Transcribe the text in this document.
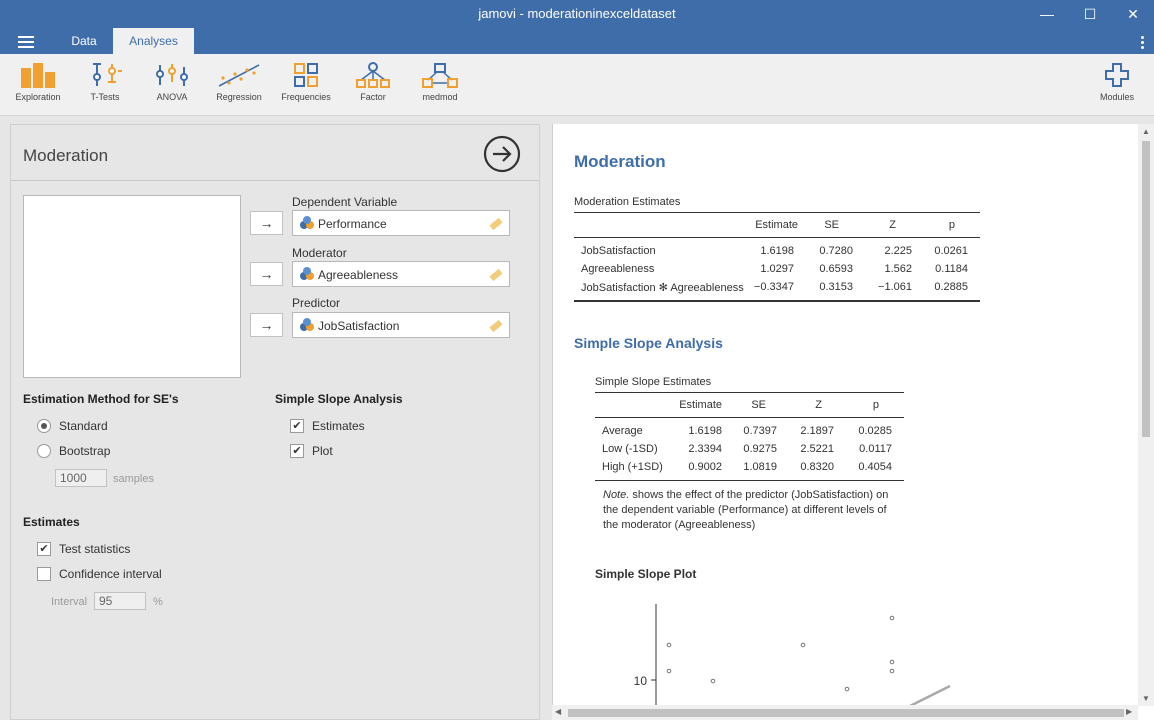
jamovi - moderationinexceldataset	—	☐	✕
Data	Analyses
Exploration	T-Tests	ANOVA	Regression	Frequencies	Factor	medmod	Modules
Moderation
→
Dependent Variable
Performance
→
Moderator
Agreeableness
→
Predictor
JobSatisfaction
Estimation Method for SE's
Standard
Bootstrap
1000	samples
Simple Slope Analysis
✔ Estimates
✔ Plot
Estimates
✔ Test statistics
Confidence interval
Interval 95	%
Moderation
Moderation Estimates
Estimate SE	Z	p
JobSatisfaction	1.6198 0.7280	2.225 0.0261
Agreeableness	1.0297 0.6593	1.562 0.1184
JobSatisfaction ✻ Agreeableness −0.3347 0.3153 −1.061 0.2885
Simple Slope Analysis
Simple Slope Estimates
Estimate	SE	Z	p
Average	1.6198 0.7397 2.1897 0.0285
Low (-1SD)	2.3394 0.9275 2.5221 0.0117
High (+1SD) 0.9002 1.0819 0.8320 0.4054
Note. shows the effect of the predictor (JobSatisfaction) on
the dependent variable (Performance) at different levels of
the moderator (Agreeableness)
Simple Slope Plot
10
▲
▼
◀	▶
